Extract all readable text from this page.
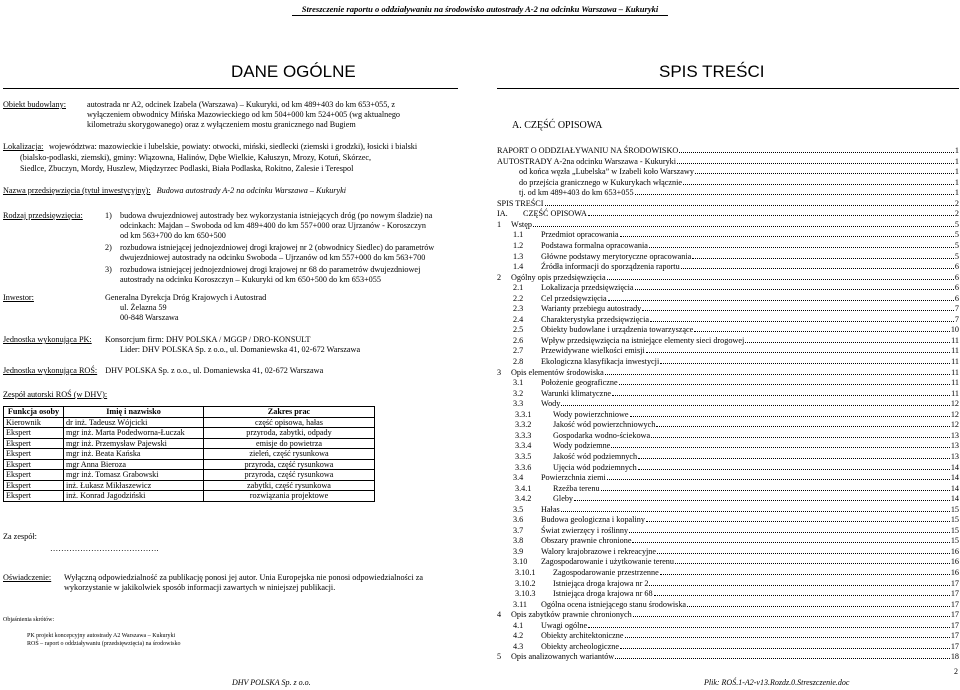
Streszczenie raportu o oddziaływaniu na środowisko autostrady A-2 na odcinku Warszawa – Kukuryki
DANE OGÓLNE	SPIS TREŚCI
Obiekt budowlany:	autostrada nr A2, odcinek Izabela (Warszawa) – Kukuryki, od km 489+403 do km 653+055, z
wyłączeniem obwodnicy Mińska Mazowieckiego od km 504+000 km 524+005 (wg aktualnego
kilometrażu skorygowanego) oraz z wyłączeniem mostu granicznego nad Bugiem
Lokalizacja: województwa: mazowieckie i lubelskie, powiaty: otwocki, miński, siedlecki (ziemski i grodzki), łosicki i bialski
(bialsko-podlaski, ziemski), gminy: Wiązowna, Halinów, Dębe Wielkie, Kałuszyn, Mrozy, Kotuń, Skórzec,
Siedlce, Zbuczyn, Mordy, Huszlew, Międzyrzec Podlaski, Biała Podlaska, Rokitno, Zalesie i Terespol
Nazwa przedsięwzięcia (tytuł inwestycyjny): Budowa autostrady A-2 na odcinku Warszawa – Kukuryki
Rodzaj przedsięwzięcia:	1) budowa dwujezdniowej autostrady bez wykorzystania istniejących dróg (po nowym śladzie) na
odcinkach: Majdan – Swoboda od km 489+400 do km 557+000 oraz Ujrzanów - Koroszczyn
od km 563+700 do km 650+500
2) rozbudowa istniejącej jednojezdniowej drogi krajowej nr 2 (obwodnicy Siedlec) do parametrów
dwujezdniowej autostrady na odcinku Swoboda – Ujrzanów od km 557+000 do km 563+700
3) rozbudowa istniejącej jednojezdniowej drogi krajowej nr 68 do parametrów dwujezdniowej
autostrady na odcinku Koroszczyn – Kukuryki od km 650+500 do km 653+055
Inwestor:	Generalna Dyrekcja Dróg Krajowych i Autostrad
ul. Żelazna 59
00-848 Warszawa
Jednostka wykonująca PK: Konsorcjum firm: DHV POLSKA / MGGP / DRO-KONSULT
Lider: DHV POLSKA Sp. z o.o., ul. Domaniewska 41, 02-672 Warszawa
Jednostka wykonująca ROŚ: DHV POLSKA Sp. z o.o., ul. Domaniewska 41, 02-672 Warszawa
Zespół autorski ROŚ (w DHV):
Funkcja osoby	Imię i nazwisko	Zakres prac
Kierownik	dr inż. Tadeusz Wójcicki	część opisowa, hałas
Ekspert	mgr inż. Marta Podedworna-Łuczak	przyroda, zabytki, odpady
Ekspert	mgr inż. Przemysław Pajewski	emisje do powietrza
Ekspert	mgr inż. Beata Kańska	zieleń, część rysunkowa
Ekspert	mgr Anna Bieroza	przyroda, część rysunkowa
Ekspert	mgr inż. Tomasz Grabowski	przyroda, część rysunkowa
Ekspert	inż. Łukasz Mikłaszewicz	zabytki, część rysunkowa
Ekspert	inż. Konrad Jagodziński	rozwiązania projektowe
Za zespół:
………………………………….
Oświadczenie: Wyłączną odpowiedzialność za publikację ponosi jej autor. Unia Europejska nie ponosi odpowiedzialności za
wykorzystanie w jakikolwiek sposób informacji zawartych w niniejszej publikacji.
Objaśnienia skrótów:
PK projekt koncepcyjny autostrady A2 Warszawa – Kukuryki
ROŚ – raport o oddziaływaniu (przedsięwzięcia) na środowisko
A. CZĘŚĆ OPISOWA
RAPORT O ODDZIAŁYWANIU NA ŚRODOWISKO	1
AUTOSTRADY A-2na odcinku Warszawa - Kukuryki	1
od końca węzła „Lubelska” w Izabeli koło Warszawy	1
do przejścia granicznego w Kukurykach włącznie	1
tj. od km 489+403 do km 653+055	1
SPIS TREŚCI	2
IA.	CZĘŚĆ OPISOWA	2
1	Wstęp	5
1.1	Przedmiot opracowania	5
1.2	Podstawa formalna opracowania	5
1.3	Główne podstawy merytoryczne opracowania	5
1.4	Źródła informacji do sporządzenia raportu	6
2	Ogólny opis przedsięwzięcia	6
2.1	Lokalizacja przedsięwzięcia	6
2.2	Cel przedsięwzięcia	6
2.3	Warianty przebiegu autostrady	7
2.4	Charakterystyka przedsięwzięcia	7
2.5	Obiekty budowlane i urządzenia towarzyszące	10
2.6	Wpływ przedsięwzięcia na istniejące elementy sieci drogowej	11
2.7	Przewidywane wielkości emisji	11
2.8	Ekologiczna klasyfikacja inwestycji	11
3	Opis elementów środowiska	11
3.1	Położenie geograficzne	11
3.2	Warunki klimatyczne	11
3.3	Wody	12
3.3.1	Wody powierzchniowe	12
3.3.2	Jakość wód powierzchniowych	12
3.3.3	Gospodarka wodno-ściekowa	13
3.3.4	Wody podziemne	13
3.3.5	Jakość wód podziemnych	13
3.3.6	Ujęcia wód podziemnych	14
3.4	Powierzchnia ziemi	14
3.4.1	Rzeźba terenu	14
3.4.2	Gleby	14
3.5	Hałas	15
3.6	Budowa geologiczna i kopaliny	15
3.7	Świat zwierzęcy i roślinny	15
3.8	Obszary prawnie chronione	15
3.9	Walory krajobrazowe i rekreacyjne	16
3.10	Zagospodarowanie i użytkowanie terenu	16
3.10.1	Zagospodarowanie przestrzenne	16
3.10.2	Istniejąca droga krajowa nr 2	17
3.10.3	Istniejąca droga krajowa nr 68	17
3.11	Ogólna ocena istniejącego stanu środowiska	17
4	Opis zabytków prawnie chronionych	17
4.1	Uwagi ogólne	17
4.2	Obiekty architektoniczne	17
4.3	Obiekty archeologiczne	17
5	Opis analizowanych wariantów	18
2
DHV POLSKA Sp. z o.o.	Plik: ROŚ.1-A2-v13.Rozdz.0.Streszczenie.doc
